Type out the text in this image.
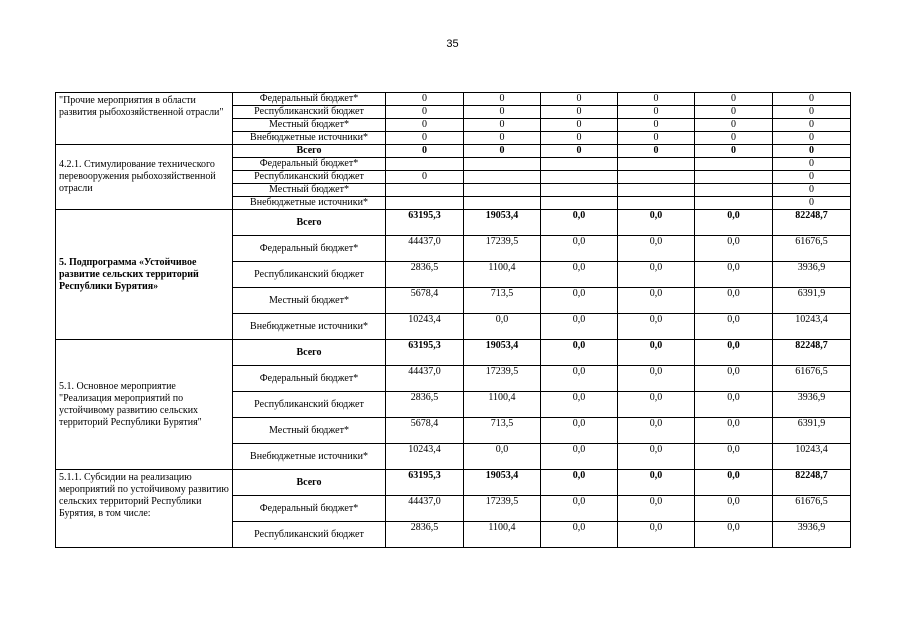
35
"Прочие мероприятия в области развития рыбохозяйственной отрасли"	Федеральный бюджет*	0	0	0	0	0	0
	Республиканский бюджет	0	0	0	0	0	0
	Местный бюджет*	0	0	0	0	0	0
	Внебюджетные источники*	0	0	0	0	0	0
4.2.1. Стимулирование технического перевооружения рыбохозяйственной отрасли	Всего	0	0	0	0	0	0
	Федеральный бюджет*						0
	Республиканский бюджет	0					0
	Местный бюджет*						0
	Внебюджетные источники*						0
5. Подпрограмма «Устойчивое развитие сельских территорий Республики Бурятия»	Всего	63195,3	19053,4	0,0	0,0	0,0	82248,7
	Федеральный бюджет*	44437,0	17239,5	0,0	0,0	0,0	61676,5
	Республиканский бюджет	2836,5	1100,4	0,0	0,0	0,0	3936,9
	Местный бюджет*	5678,4	713,5	0,0	0,0	0,0	6391,9
	Внебюджетные источники*	10243,4	0,0	0,0	0,0	0,0	10243,4
5.1. Основное мероприятие "Реализация мероприятий по устойчивому развитию сельских территорий Республики Бурятия"	Всего	63195,3	19053,4	0,0	0,0	0,0	82248,7
	Федеральный бюджет*	44437,0	17239,5	0,0	0,0	0,0	61676,5
	Республиканский бюджет	2836,5	1100,4	0,0	0,0	0,0	3936,9
	Местный бюджет*	5678,4	713,5	0,0	0,0	0,0	6391,9
	Внебюджетные источники*	10243,4	0,0	0,0	0,0	0,0	10243,4
5.1.1. Субсидии на реализацию мероприятий по устойчивому развитию сельских территорий Республики Бурятия, в том числе:	Всего	63195,3	19053,4	0,0	0,0	0,0	82248,7
	Федеральный бюджет*	44437,0	17239,5	0,0	0,0	0,0	61676,5
	Республиканский бюджет	2836,5	1100,4	0,0	0,0	0,0	3936,9
